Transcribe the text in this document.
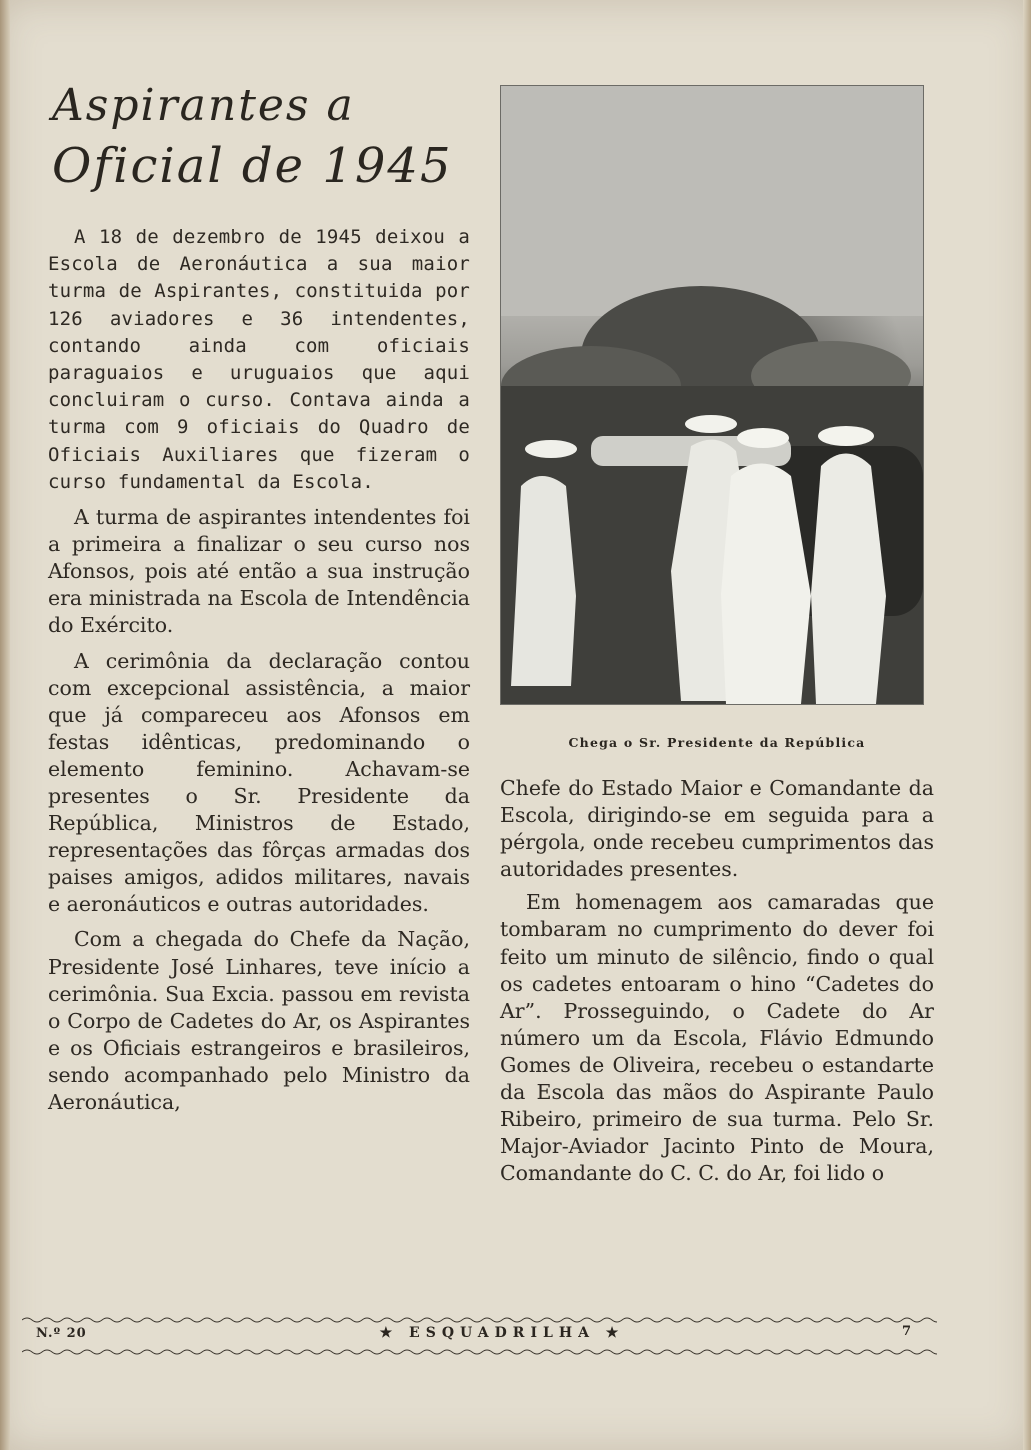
Aspirantes a
Oficial de 1945

A 18 de dezembro de 1945 deixou a Escola de Aeronáutica a sua maior turma de Aspirantes, constituida por 126 aviadores e 36 intendentes, contando ainda com oficiais paraguaios e uruguaios que aqui concluiram o curso. Contava ainda a turma com 9 oficiais do Quadro de Oficiais Auxiliares que fizeram o curso fundamental da Escola.

A turma de aspirantes intendentes foi a primeira a finalizar o seu curso nos Afonsos, pois até então a sua instrução era ministrada na Escola de Intendência do Exército.

A cerimônia da declaração contou com excepcional assistência, a maior que já compareceu aos Afonsos em festas idênticas, predominando o elemento feminino. Achavam-se presentes o Sr. Presidente da República, Ministros de Estado, representações das fôrças armadas dos paises amigos, adidos militares, navais e aeronáuticos e outras autoridades.

Com a chegada do Chefe da Nação, Presidente José Linhares, teve início a cerimônia. Sua Excia. passou em revista o Corpo de Cadetes do Ar, os Aspirantes e os Oficiais estrangeiros e brasileiros, sendo acompanhado pelo Ministro da Aeronáutica,

Chega o Sr. Presidente da República

Chefe do Estado Maior e Comandante da Escola, dirigindo-se em seguida para a pérgola, onde recebeu cumprimentos das autoridades presentes.

Em homenagem aos camaradas que tombaram no cumprimento do dever foi feito um minuto de silêncio, findo o qual os cadetes entoaram o hino “Cadetes do Ar”. Prosseguindo, o Cadete do Ar número um da Escola, Flávio Edmundo Gomes de Oliveira, recebeu o estandarte da Escola das mãos do Aspirante Paulo Ribeiro, primeiro de sua turma. Pelo Sr. Major-Aviador Jacinto Pinto de Moura, Comandante do C. C. do Ar, foi lido o

N.º 20	★ ESQUADRILHA ★	7
